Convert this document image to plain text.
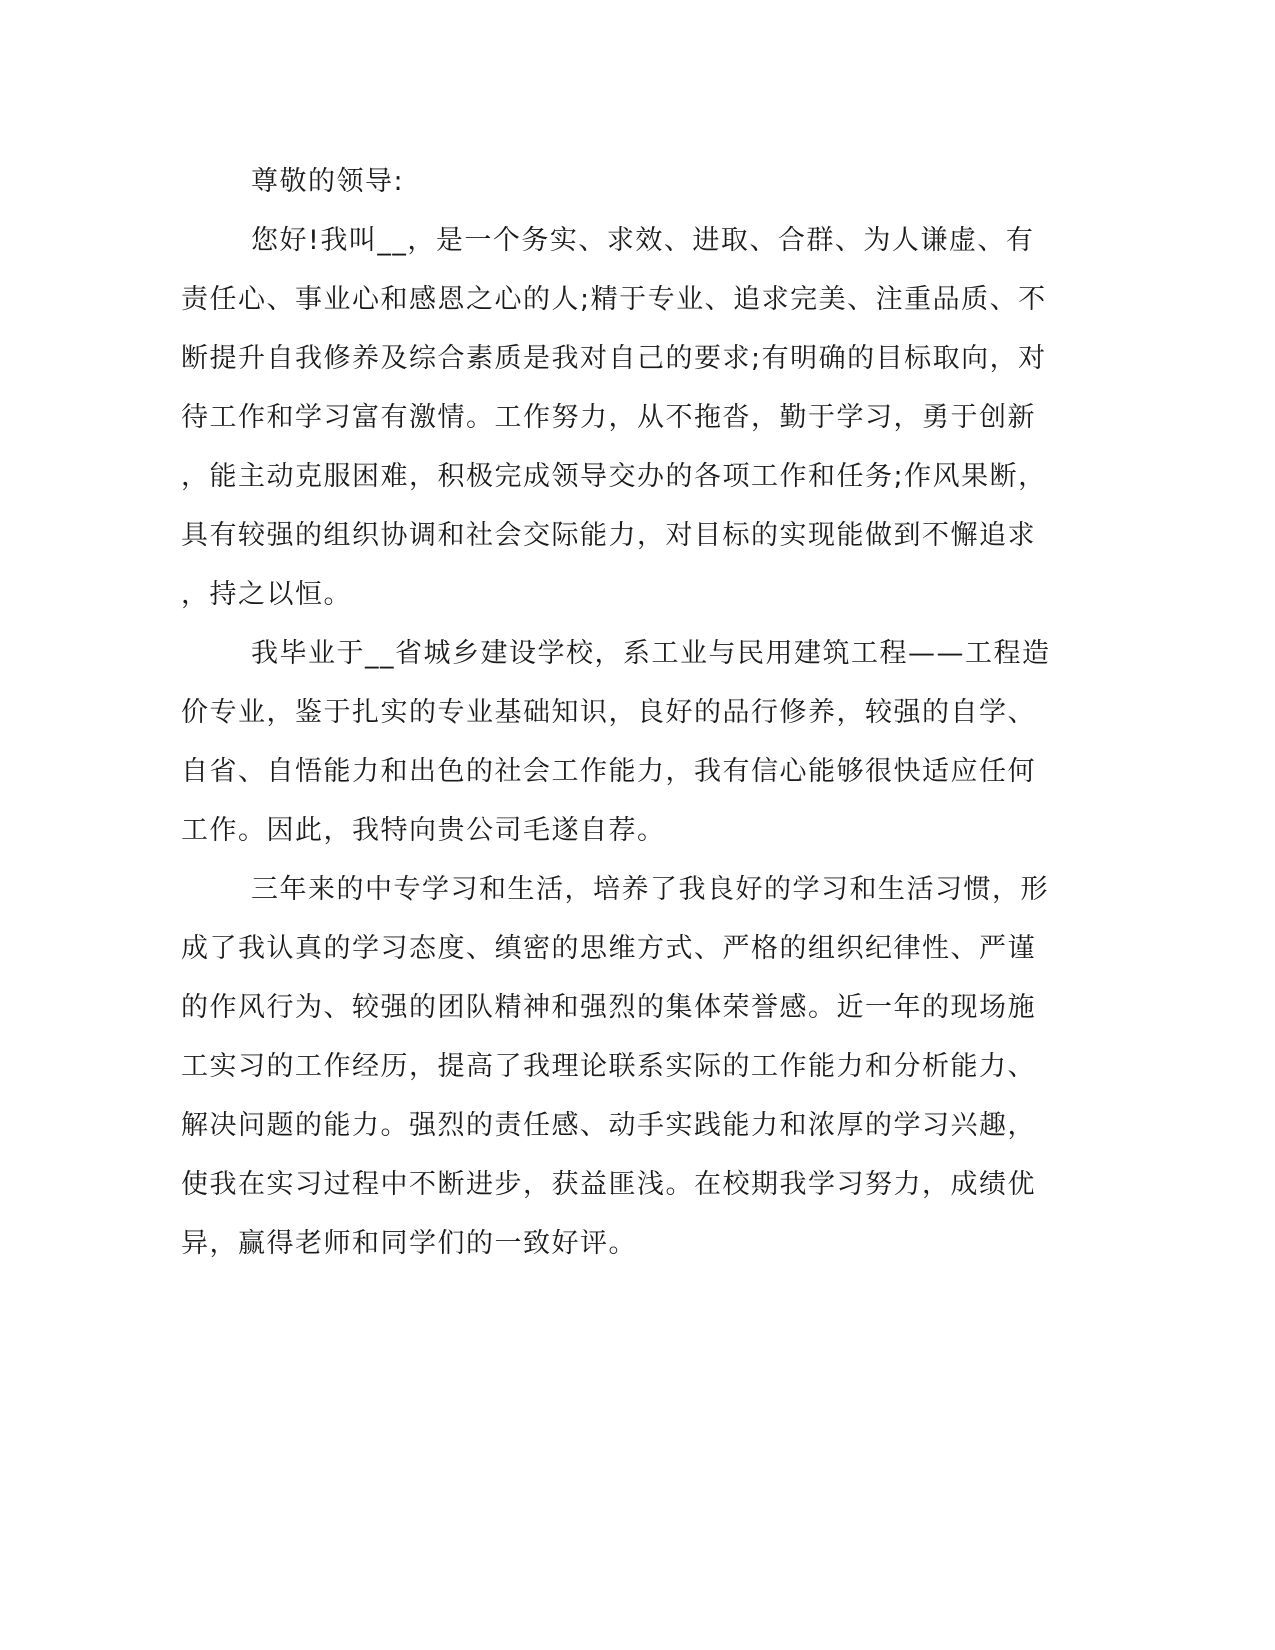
尊敬的领导:
您好!我叫__，是一个务实、求效、进取、合群、为人谦虚、有
责任心、事业心和感恩之心的人;精于专业、追求完美、注重品质、不
断提升自我修养及综合素质是我对自己的要求;有明确的目标取向，对
待工作和学习富有激情。工作努力，从不拖沓，勤于学习，勇于创新
，能主动克服困难，积极完成领导交办的各项工作和任务;作风果断，
具有较强的组织协调和社会交际能力，对目标的实现能做到不懈追求
，持之以恒。
我毕业于__省城乡建设学校，系工业与民用建筑工程——工程造
价专业，鉴于扎实的专业基础知识，良好的品行修养，较强的自学、
自省、自悟能力和出色的社会工作能力，我有信心能够很快适应任何
工作。因此，我特向贵公司毛遂自荐。
三年来的中专学习和生活，培养了我良好的学习和生活习惯，形
成了我认真的学习态度、缜密的思维方式、严格的组织纪律性、严谨
的作风行为、较强的团队精神和强烈的集体荣誉感。近一年的现场施
工实习的工作经历，提高了我理论联系实际的工作能力和分析能力、
解决问题的能力。强烈的责任感、动手实践能力和浓厚的学习兴趣，
使我在实习过程中不断进步，获益匪浅。在校期我学习努力，成绩优
异，赢得老师和同学们的一致好评。
